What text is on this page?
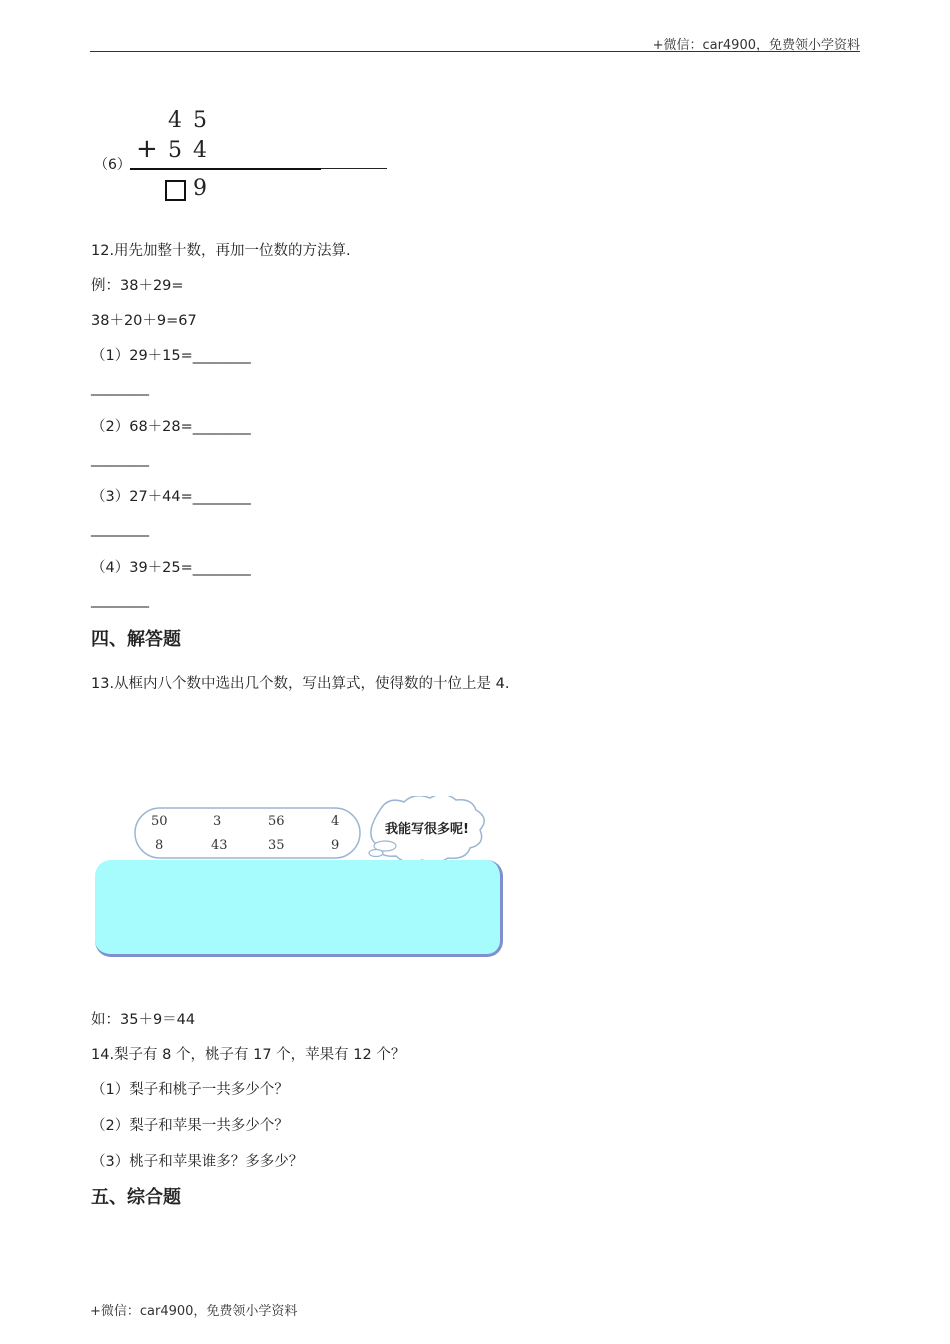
+微信：car4900，免费领小学资料
（6）
4 5
+ 5 4
9
12.用先加整十数，再加一位数的方法算.
例：38＋29=
38＋20＋9=67
（1）29＋15=________
________
（2）68＋28=________
________
（3）27＋44=________
________
（4）39＋25=________
________
四、解答题
13.从框内八个数中选出几个数，写出算式，使得数的十位上是 4.
50	3	56	4
8	43	35	9
我能写很多呢!
如：35＋9＝44
14.梨子有 8 个，桃子有 17 个，苹果有 12 个？
（1）梨子和桃子一共多少个？
（2）梨子和苹果一共多少个？
（3）桃子和苹果谁多？多多少？
五、综合题
+微信：car4900，免费领小学资料
